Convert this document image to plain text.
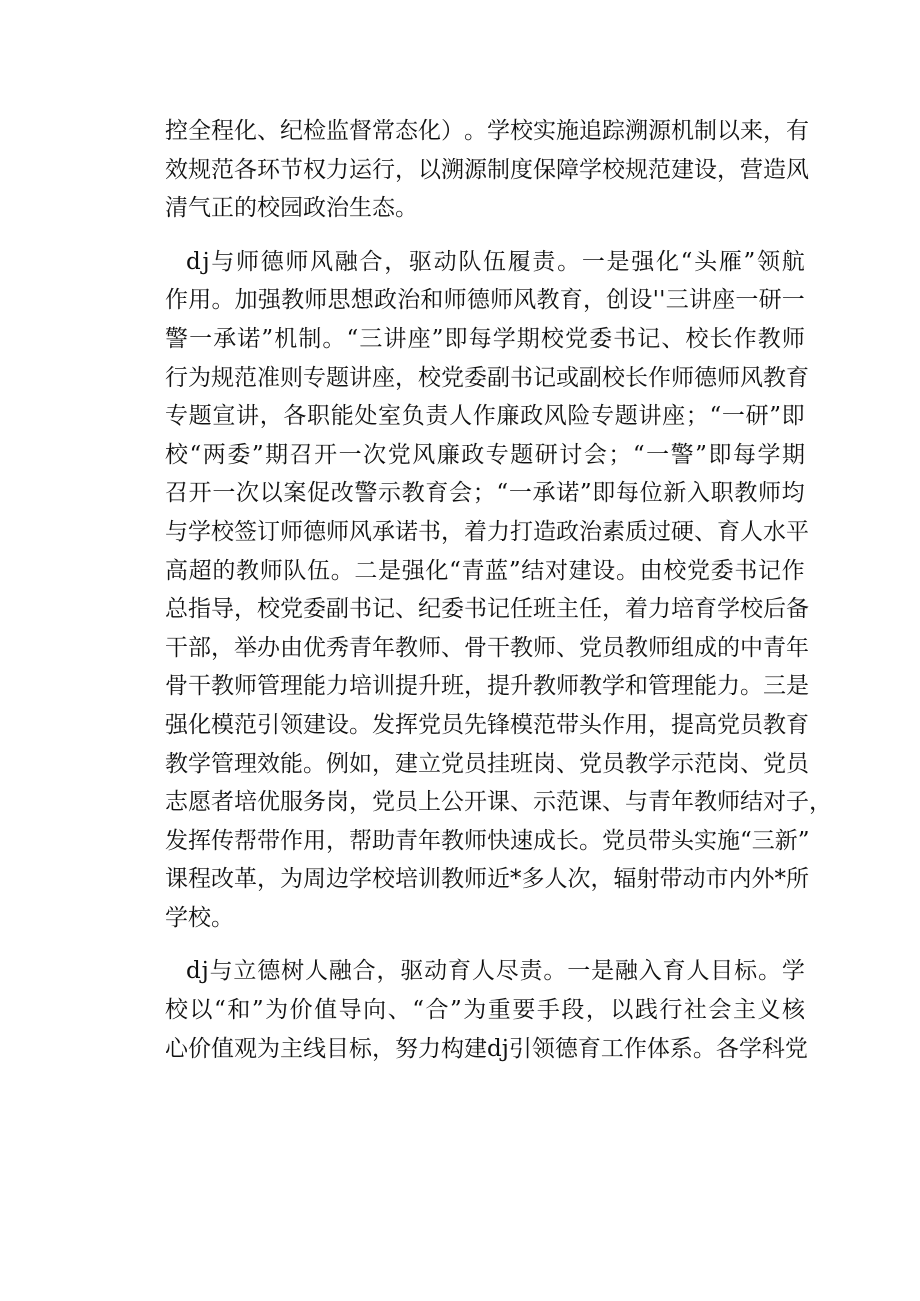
控 全 程 化 、 纪 检 监 督 常 态 化 ） 。 学 校 实 施 追 踪 溯 源 机 制 以 来 ， 有
效 规 范 各 环 节 权 力 运 行 ， 以 溯 源 制 度 保 障 学 校 规 范 建 设 ， 营 造 风
清气正的校园政治生态。
d j 与 师 德 师 风 融 合 ， 驱 动 队 伍 履 责 。 一 是 强 化 “ 头 雁 ” 领 航
作 用 。 加 强 教 师 思 想 政 治 和 师 德 师 风 教 育 ， 创 设 ' ' 三 讲 座 一 研 一
警 一 承 诺 ” 机 制 。 “ 三 讲 座 ” 即 每 学 期 校 党 委 书 记 、 校 长 作 教 师
行 为 规 范 准 则 专 题 讲 座 ， 校 党 委 副 书 记 或 副 校 长 作 师 德 师 风 教 育
专 题 宣 讲 ， 各 职 能 处 室 负 责 人 作 廉 政 风 险 专 题 讲 座 ； “ 一 研 ” 即
校 “ 两 委 ” 期 召 开 一 次 党 风 廉 政 专 题 研 讨 会 ； “ 一 警 ” 即 每 学 期
召 开 一 次 以 案 促 改 警 示 教 育 会 ； “ 一 承 诺 ” 即 每 位 新 入 职 教 师 均
与 学 校 签 订 师 德 师 风 承 诺 书 ， 着 力 打 造 政 治 素 质 过 硬 、 育 人 水 平
高 超 的 教 师 队 伍 。 二 是 强 化 “ 青 蓝 ” 结 对 建 设 。 由 校 党 委 书 记 作
总 指 导 ， 校 党 委 副 书 记 、 纪 委 书 记 任 班 主 任 ， 着 力 培 育 学 校 后 备
干 部 ， 举 办 由 优 秀 青 年 教 师 、 骨 干 教 师 、 党 员 教 师 组 成 的 中 青 年
骨 干 教 师 管 理 能 力 培 训 提 升 班 ， 提 升 教 师 教 学 和 管 理 能 力 。 三 是
强 化 模 范 引 领 建 设 。 发 挥 党 员 先 锋 模 范 带 头 作 用 ， 提 高 党 员 教 育
教 学 管 理 效 能 。 例 如 ， 建 立 党 员 挂 班 岗 、 党 员 教 学 示 范 岗 、 党 员
志 愿 者 培 优 服 务 岗 ， 党 员 上 公 开 课 、 示 范 课 、 与 青 年 教 师 结 对 子 ，
发 挥 传 帮 带 作 用 ， 帮 助 青 年 教 师 快 速 成 长 。 党 员 带 头 实 施 “ 三 新 ”
课 程 改 革 ， 为 周 边 学 校 培 训 教 师 近 * 多 人 次 ， 辐 射 带 动 市 内 外 * 所
学校。
d j 与 立 德 树 人 融 合 ， 驱 动 育 人 尽 责 。 一 是 融 入 育 人 目 标 。 学
校 以 “ 和 ” 为 价 值 导 向 、 “ 合 ” 为 重 要 手 段 ， 以 践 行 社 会 主 义 核
心 价 值 观 为 主 线 目 标 ， 努 力 构 建 d j 引 领 德 育 工 作 体 系 。 各 学 科 党
